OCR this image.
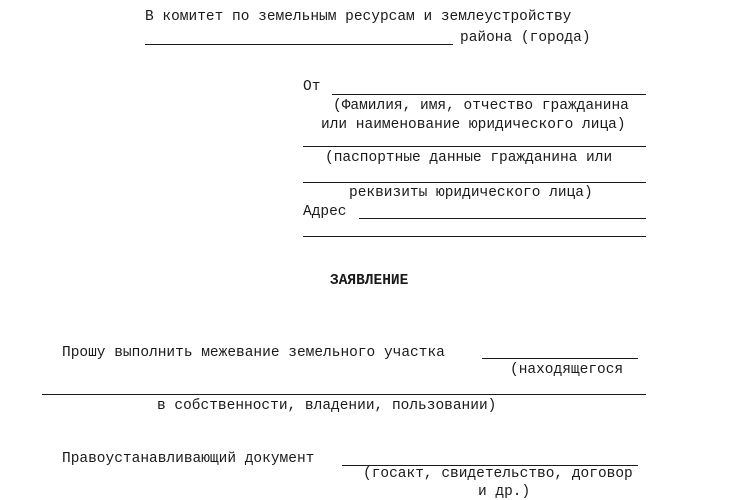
В комитет по земельным ресурсам и землеустройству
района (города)
От
(Фамилия, имя, отчество гражданина
или наименование юридического лица)
(паспортные данные гражданина или
реквизиты юридического лица)
Адрес
ЗАЯВЛЕНИЕ
Прошу выполнить межевание земельного участка
(находящегося
в собственности, владении, пользовании)
Правоустанавливающий документ
(госакт, свидетельство, договор
и др.)
